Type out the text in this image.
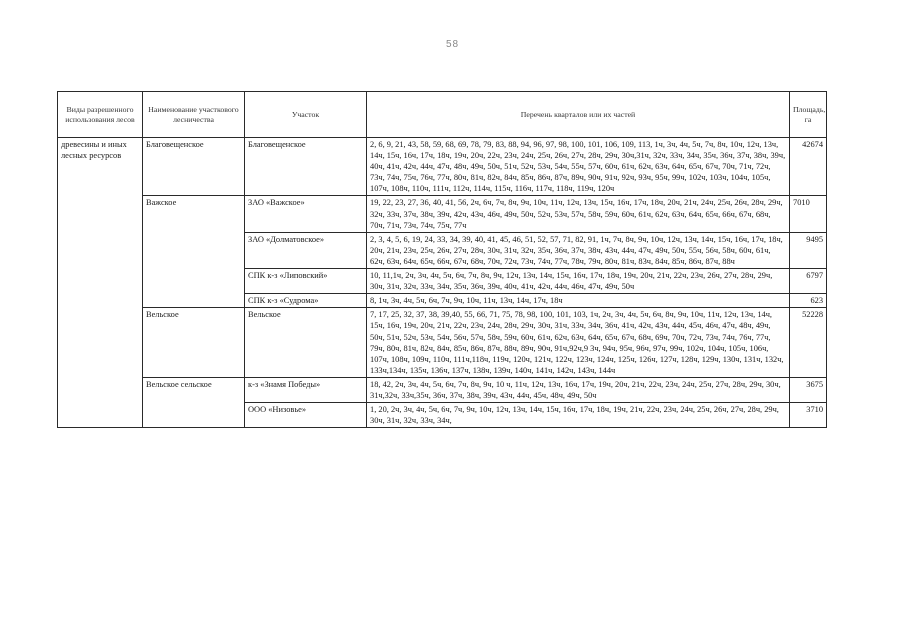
58
Виды разрешенного использования лесов	Наименование участкового лесничества	Участок	Перечень кварталов или их частей	Площадь, га
древесины и иных лесных ресурсов	Благовещенское	Благовещенское	2, 6, 9, 21, 43, 58, 59, 68, 69, 78, 79, 83, 88, 94, 96, 97, 98, 100, 101, 106, 109, 113, 1ч, 3ч, 4ч, 5ч, 7ч, 8ч, 10ч, 12ч, 13ч, 14ч, 15ч, 16ч, 17ч, 18ч, 19ч, 20ч, 22ч, 23ч, 24ч, 25ч, 26ч, 27ч, 28ч, 29ч, 30ч,31ч, 32ч, 33ч, 34ч, 35ч, 36ч, 37ч, 38ч, 39ч, 40ч, 41ч, 42ч, 44ч, 47ч, 48ч, 49ч, 50ч, 51ч, 52ч, 53ч, 54ч, 55ч, 57ч, 60ч, 61ч, 62ч, 63ч, 64ч, 65ч, 67ч, 70ч, 71ч, 72ч, 73ч, 74ч, 75ч, 76ч, 77ч, 80ч, 81ч, 82ч, 84ч, 85ч, 86ч, 87ч, 89ч, 90ч, 91ч, 92ч, 93ч, 95ч, 99ч, 102ч, 103ч, 104ч, 105ч, 107ч, 108ч, 110ч, 111ч, 112ч, 114ч, 115ч, 116ч, 117ч, 118ч, 119ч, 120ч	42674
	Важское	ЗАО «Важское»	19, 22, 23, 27, 36, 40, 41, 56, 2ч, 6ч, 7ч, 8ч, 9ч, 10ч, 11ч, 12ч, 13ч, 15ч, 16ч, 17ч, 18ч, 20ч, 21ч, 24ч, 25ч, 26ч, 28ч, 29ч, 32ч, 33ч, 37ч, 38ч, 39ч, 42ч, 43ч, 46ч, 49ч, 50ч, 52ч, 53ч, 57ч, 58ч, 59ч, 60ч, 61ч, 62ч, 63ч, 64ч, 65ч, 66ч, 67ч, 68ч, 70ч, 71ч, 73ч, 74ч, 75ч, 77ч	7010
		ЗАО «Долматовское»	2, 3, 4, 5, 6, 19, 24, 33, 34, 39, 40, 41, 45, 46, 51, 52, 57, 71, 82, 91, 1ч, 7ч, 8ч, 9ч, 10ч, 12ч, 13ч, 14ч, 15ч, 16ч, 17ч, 18ч, 20ч, 21ч, 23ч, 25ч, 26ч, 27ч, 28ч, 30ч, 31ч, 32ч, 35ч, 36ч, 37ч, 38ч, 43ч, 44ч, 47ч, 49ч, 50ч, 55ч, 56ч, 58ч, 60ч, 61ч, 62ч, 63ч, 64ч, 65ч, 66ч, 67ч, 68ч, 70ч, 72ч, 73ч, 74ч, 77ч, 78ч, 79ч, 80ч, 81ч, 83ч, 84ч, 85ч, 86ч, 87ч, 88ч	9495
		СПК к-з «Липовский»	10, 11,1ч, 2ч, 3ч, 4ч, 5ч, 6ч, 7ч, 8ч, 9ч, 12ч, 13ч, 14ч, 15ч, 16ч, 17ч, 18ч, 19ч, 20ч, 21ч, 22ч, 23ч, 26ч, 27ч, 28ч, 29ч, 30ч, 31ч, 32ч, 33ч, 34ч, 35ч, 36ч, 39ч, 40ч, 41ч, 42ч, 44ч, 46ч, 47ч, 49ч, 50ч	6797
		СПК к-з «Судрома»	8, 1ч, 3ч, 4ч, 5ч, 6ч, 7ч, 9ч, 10ч, 11ч, 13ч, 14ч, 17ч, 18ч	623
	Вельское	Вельское	7, 17, 25, 32, 37, 38, 39,40, 55, 66, 71, 75, 78, 98, 100, 101, 103, 1ч, 2ч, 3ч, 4ч, 5ч, 6ч, 8ч, 9ч, 10ч, 11ч, 12ч, 13ч, 14ч, 15ч, 16ч, 19ч, 20ч, 21ч, 22ч, 23ч, 24ч, 28ч, 29ч, 30ч, 31ч, 33ч, 34ч, 36ч, 41ч, 42ч, 43ч, 44ч, 45ч, 46ч, 47ч, 48ч, 49ч, 50ч, 51ч, 52ч, 53ч, 54ч, 56ч, 57ч, 58ч, 59ч, 60ч, 61ч, 62ч, 63ч, 64ч, 65ч, 67ч, 68ч, 69ч, 70ч, 72ч, 73ч, 74ч, 76ч, 77ч, 79ч, 80ч, 81ч, 82ч, 84ч, 85ч, 86ч, 87ч, 88ч, 89ч, 90ч, 91ч,92ч,9 3ч, 94ч, 95ч, 96ч, 97ч, 99ч, 102ч, 104ч, 105ч, 106ч, 107ч, 108ч, 109ч, 110ч, 111ч,118ч, 119ч, 120ч, 121ч, 122ч, 123ч, 124ч, 125ч, 126ч, 127ч, 128ч, 129ч, 130ч, 131ч, 132ч, 133ч,134ч, 135ч, 136ч, 137ч, 138ч, 139ч, 140ч, 141ч, 142ч, 143ч, 144ч	52228
	Вельское сельское	к-з «Знамя Победы»	18, 42, 2ч, 3ч, 4ч, 5ч, 6ч, 7ч, 8ч, 9ч, 10 ч, 11ч, 12ч, 13ч, 16ч, 17ч, 19ч, 20ч, 21ч, 22ч, 23ч, 24ч, 25ч, 27ч, 28ч, 29ч, 30ч, 31ч,32ч, 33ч,35ч, 36ч, 37ч, 38ч, 39ч, 43ч, 44ч, 45ч, 48ч, 49ч, 50ч	3675
		ООО «Низовье»	1, 20, 2ч, 3ч, 4ч, 5ч, 6ч, 7ч, 9ч, 10ч, 12ч, 13ч, 14ч, 15ч, 16ч, 17ч, 18ч, 19ч, 21ч, 22ч, 23ч, 24ч, 25ч, 26ч, 27ч, 28ч, 29ч, 30ч, 31ч, 32ч, 33ч, 34ч,	3710
